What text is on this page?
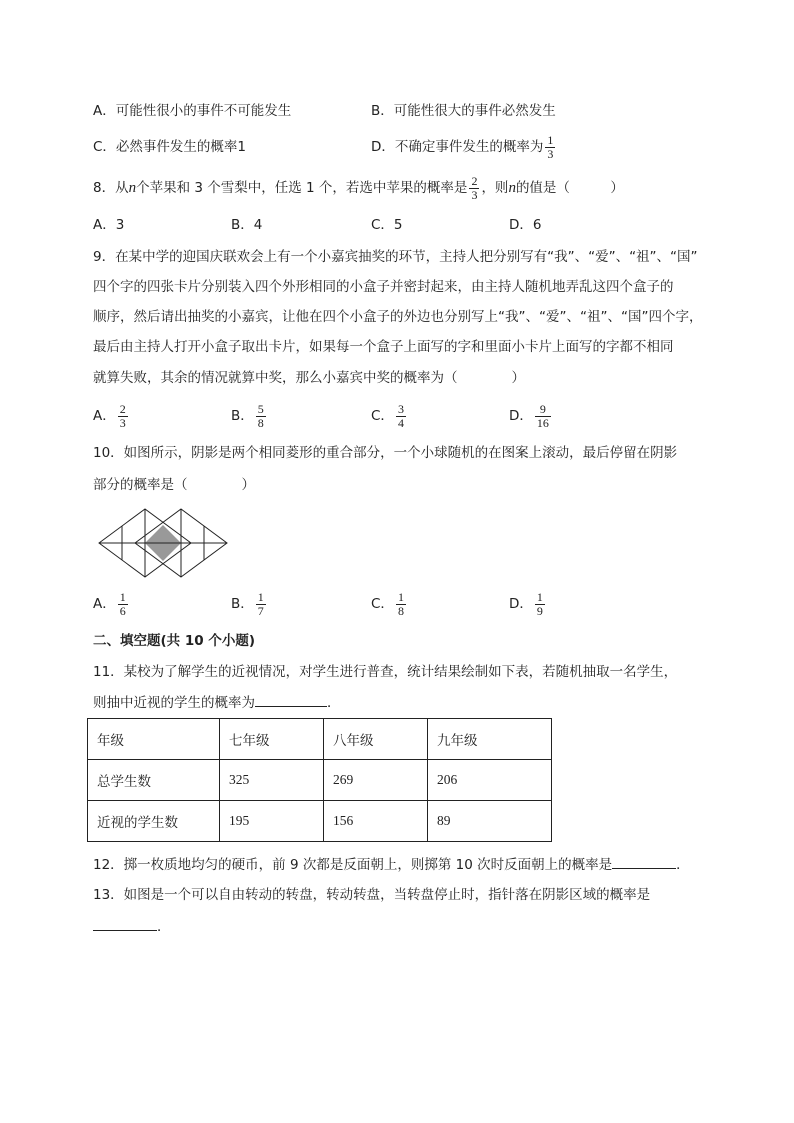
A．可能性很小的事件不可能发生	B．可能性很大的事件必然发生
C．必然事件发生的概率1	D．不确定事件发生的概率为 $\frac{1}{3}$
8．从n个苹果和 3 个雪梨中，任选 1 个，若选中苹果的概率是 $\frac{2}{3}$ ，则n的值是（　　　）
A．3	B．4	C．5	D．6
9．在某中学的迎国庆联欢会上有一个小嘉宾抽奖的环节，主持人把分别写有“我”、“爱”、“祖”、“国”
四个字的四张卡片分别装入四个外形相同的小盒子并密封起来，由主持人随机地弄乱这四个盒子的
顺序，然后请出抽奖的小嘉宾，让他在四个小盒子的外边也分别写上“我”、“爱”、“祖”、“国”四个字，
最后由主持人打开小盒子取出卡片，如果每一个盒子上面写的字和里面小卡片上面写的字都不相同
就算失败，其余的情况就算中奖，那么小嘉宾中奖的概率为（　　　　）
A． $\frac{2}{3}$	B． $\frac{5}{8}$	C． $\frac{3}{4}$	D． $\frac{9}{16}$
10．如图所示，阴影是两个相同菱形的重合部分，一个小球随机的在图案上滚动，最后停留在阴影
部分的概率是（　　　　）
A． $\frac{1}{6}$	B． $\frac{1}{7}$	C． $\frac{1}{8}$	D． $\frac{1}{9}$
二、填空题(共 10 个小题)
11．某校为了解学生的近视情况，对学生进行普查，统计结果绘制如下表，若随机抽取一名学生，
则抽中近视的学生的概率为	．
年级	七年级	八年级	九年级
总学生数	325	269	206
近视的学生数	195	156	89
12．掷一枚质地均匀的硬币，前 9 次都是反面朝上，则掷第 10 次时反面朝上的概率是	．
13．如图是一个可以自由转动的转盘，转动转盘，当转盘停止时，指针落在阴影区域的概率是
．
